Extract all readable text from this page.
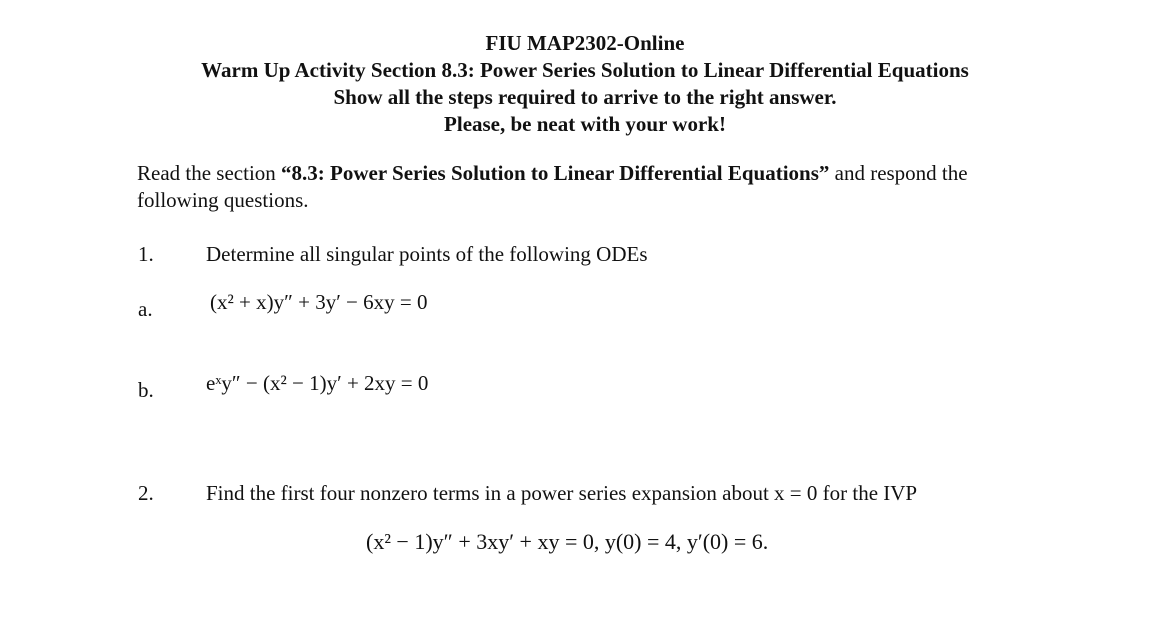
FIU MAP2302-Online
Warm Up Activity Section 8.3: Power Series Solution to Linear Differential Equations
Show all the steps required to arrive to the right answer.
Please, be neat with your work!
Read the section “8.3: Power Series Solution to Linear Differential Equations” and respond the following questions.
1. Determine all singular points of the following ODEs
a.	(x² + x)y″ + 3y′ − 6xy = 0
b. eˣy″ − (x² − 1)y′ + 2xy = 0
2. Find the first four nonzero terms in a power series expansion about x = 0 for the IVP
(x² − 1)y″ + 3xy′ + xy = 0, y(0) = 4, y′(0) = 6.
